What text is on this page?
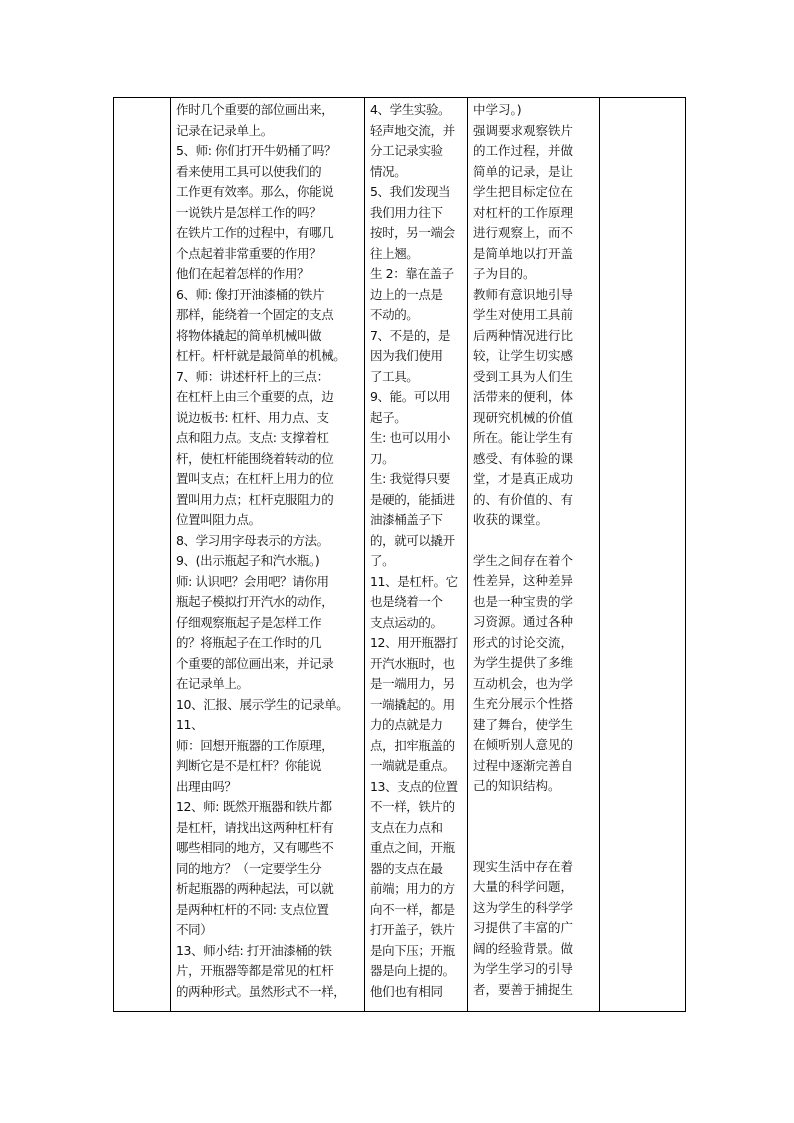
作时几个重要的部位画出来，
记录在记录单上。
5、师: 你们打开牛奶桶了吗？
看来使用工具可以使我们的
工作更有效率。那么，你能说
一说铁片是怎样工作的吗？
在铁片工作的过程中，有哪几
个点起着非常重要的作用？
他们在起着怎样的作用？
6、师: 像打开油漆桶的铁片
那样，能绕着一个固定的支点
将物体撬起的简单机械叫做
杠杆。杆杆就是最简单的机械。
7、师：讲述杆杆上的三点：
在杠杆上由三个重要的点，边
说边板书: 杠杆、用力点、支
点和阻力点。支点: 支撑着杠
杆，使杠杆能围绕着转动的位
置叫支点；在杠杆上用力的位
置叫用力点；杠杆克服阻力的
位置叫阻力点。
8、学习用字母表示的方法。
9、(出示瓶起子和汽水瓶。)
师: 认识吧？会用吧？请你用
瓶起子模拟打开汽水的动作，
仔细观察瓶起子是怎样工作
的？将瓶起子在工作时的几
个重要的部位画出来，并记录
在记录单上。
10、汇报、展示学生的记录单。
11、
师：回想开瓶器的工作原理，
判断它是不是杠杆？你能说
出理由吗？
12、师: 既然开瓶器和铁片都
是杠杆，请找出这两种杠杆有
哪些相同的地方，又有哪些不
同的地方？（一定要学生分
析起瓶器的两种起法，可以就
是两种杠杆的不同: 支点位置
不同）
13、师小结: 打开油漆桶的铁
片，开瓶器等都是常见的杠杆
的两种形式。虽然形式不一样，

4、学生实验。
轻声地交流，并
分工记录实验
情况。
5、我们发现当
我们用力往下
按时，另一端会
往上翘。
生 2：靠在盖子
边上的一点是
不动的。
7、不是的，是
因为我们使用
了工具。
9、能。可以用
起子。
生: 也可以用小
刀。
生: 我觉得只要
是硬的，能插进
油漆桶盖子下
的，就可以撬开
了。
11、是杠杆。它
也是绕着一个
支点运动的。
12、用开瓶器打
开汽水瓶时，也
是一端用力，另
一端撬起的。用
力的点就是力
点，扣牢瓶盖的
一端就是重点。
13、支点的位置
不一样，铁片的
支点在力点和
重点之间，开瓶
器的支点在最
前端；用力的方
向不一样，都是
打开盖子，铁片
是向下压；开瓶
器是向上提的。
他们也有相同

中学习。)
强调要求观察铁片
的工作过程，并做
简单的记录，是让
学生把目标定位在
对杠杆的工作原理
进行观察上，而不
是简单地以打开盖
子为目的。
教师有意识地引导
学生对使用工具前
后两种情况进行比
较，让学生切实感
受到工具为人们生
活带来的便利，体
现研究机械的价值
所在。能让学生有
感受、有体验的课
堂，才是真正成功
的、有价值的、有
收获的课堂。
学生之间存在着个
性差异，这种差异
也是一种宝贵的学
习资源。通过各种
形式的讨论交流，
为学生提供了多维
互动机会，也为学
生充分展示个性搭
建了舞台，使学生
在倾听别人意见的
过程中逐渐完善自
己的知识结构。
现实生活中存在着
大量的科学问题，
这为学生的科学学
习提供了丰富的广
阔的经验背景。做
为学生学习的引导
者，要善于捕捉生
